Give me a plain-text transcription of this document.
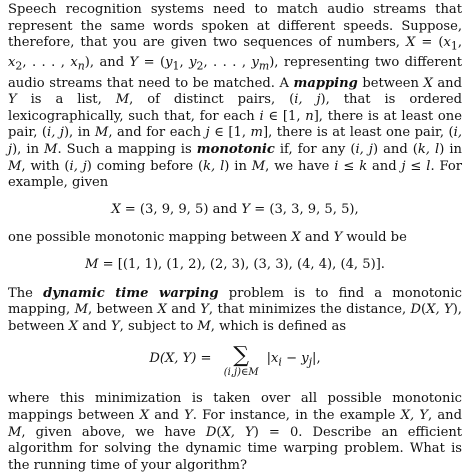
Speech recognition systems need to match audio streams that represent the same words spoken at different speeds. Suppose, therefore, that you are given two sequences of numbers, $X = (x_1$, $x_2$, . . . , $x_n$), and $Y = (y_1$, $y_2$, . . . , $y_m$), representing two different audio streams that need to be matched. A mapping between X and Y is a list, M, of distinct pairs, (i, j), that is ordered lexicographically, such that, for each i ∈ [1, n], there is at least one pair, (i, j), in M, and for each j ∈ [1, m], there is at least one pair, (i, j), in M. Such a mapping is monotonic if, for any (i, j) and (k, l) in M, with (i, j) coming before (k, l) in M, we have i ≤ k and j ≤ l. For example, given

X = (3, 9, 9, 5) and Y = (3, 3, 9, 5, 5),

one possible monotonic mapping between X and Y would be

M = [(1, 1), (1, 2), (2, 3), (3, 3), (4, 4), (4, 5)].

The dynamic time warping problem is to find a monotonic mapping, M, between X and Y, that minimizes the distance, D(X, Y), between X and Y, subject to M, which is defined as

D(X, Y) = ∑
(i,j)∈M
$|x_i - y_j|$,

where this minimization is taken over all possible monotonic mappings between X and Y. For instance, in the example X, Y, and M, given above, we have D(X, Y) = 0. Describe an efficient algorithm for solving the dynamic time warping problem. What is the running time of your algorithm?
